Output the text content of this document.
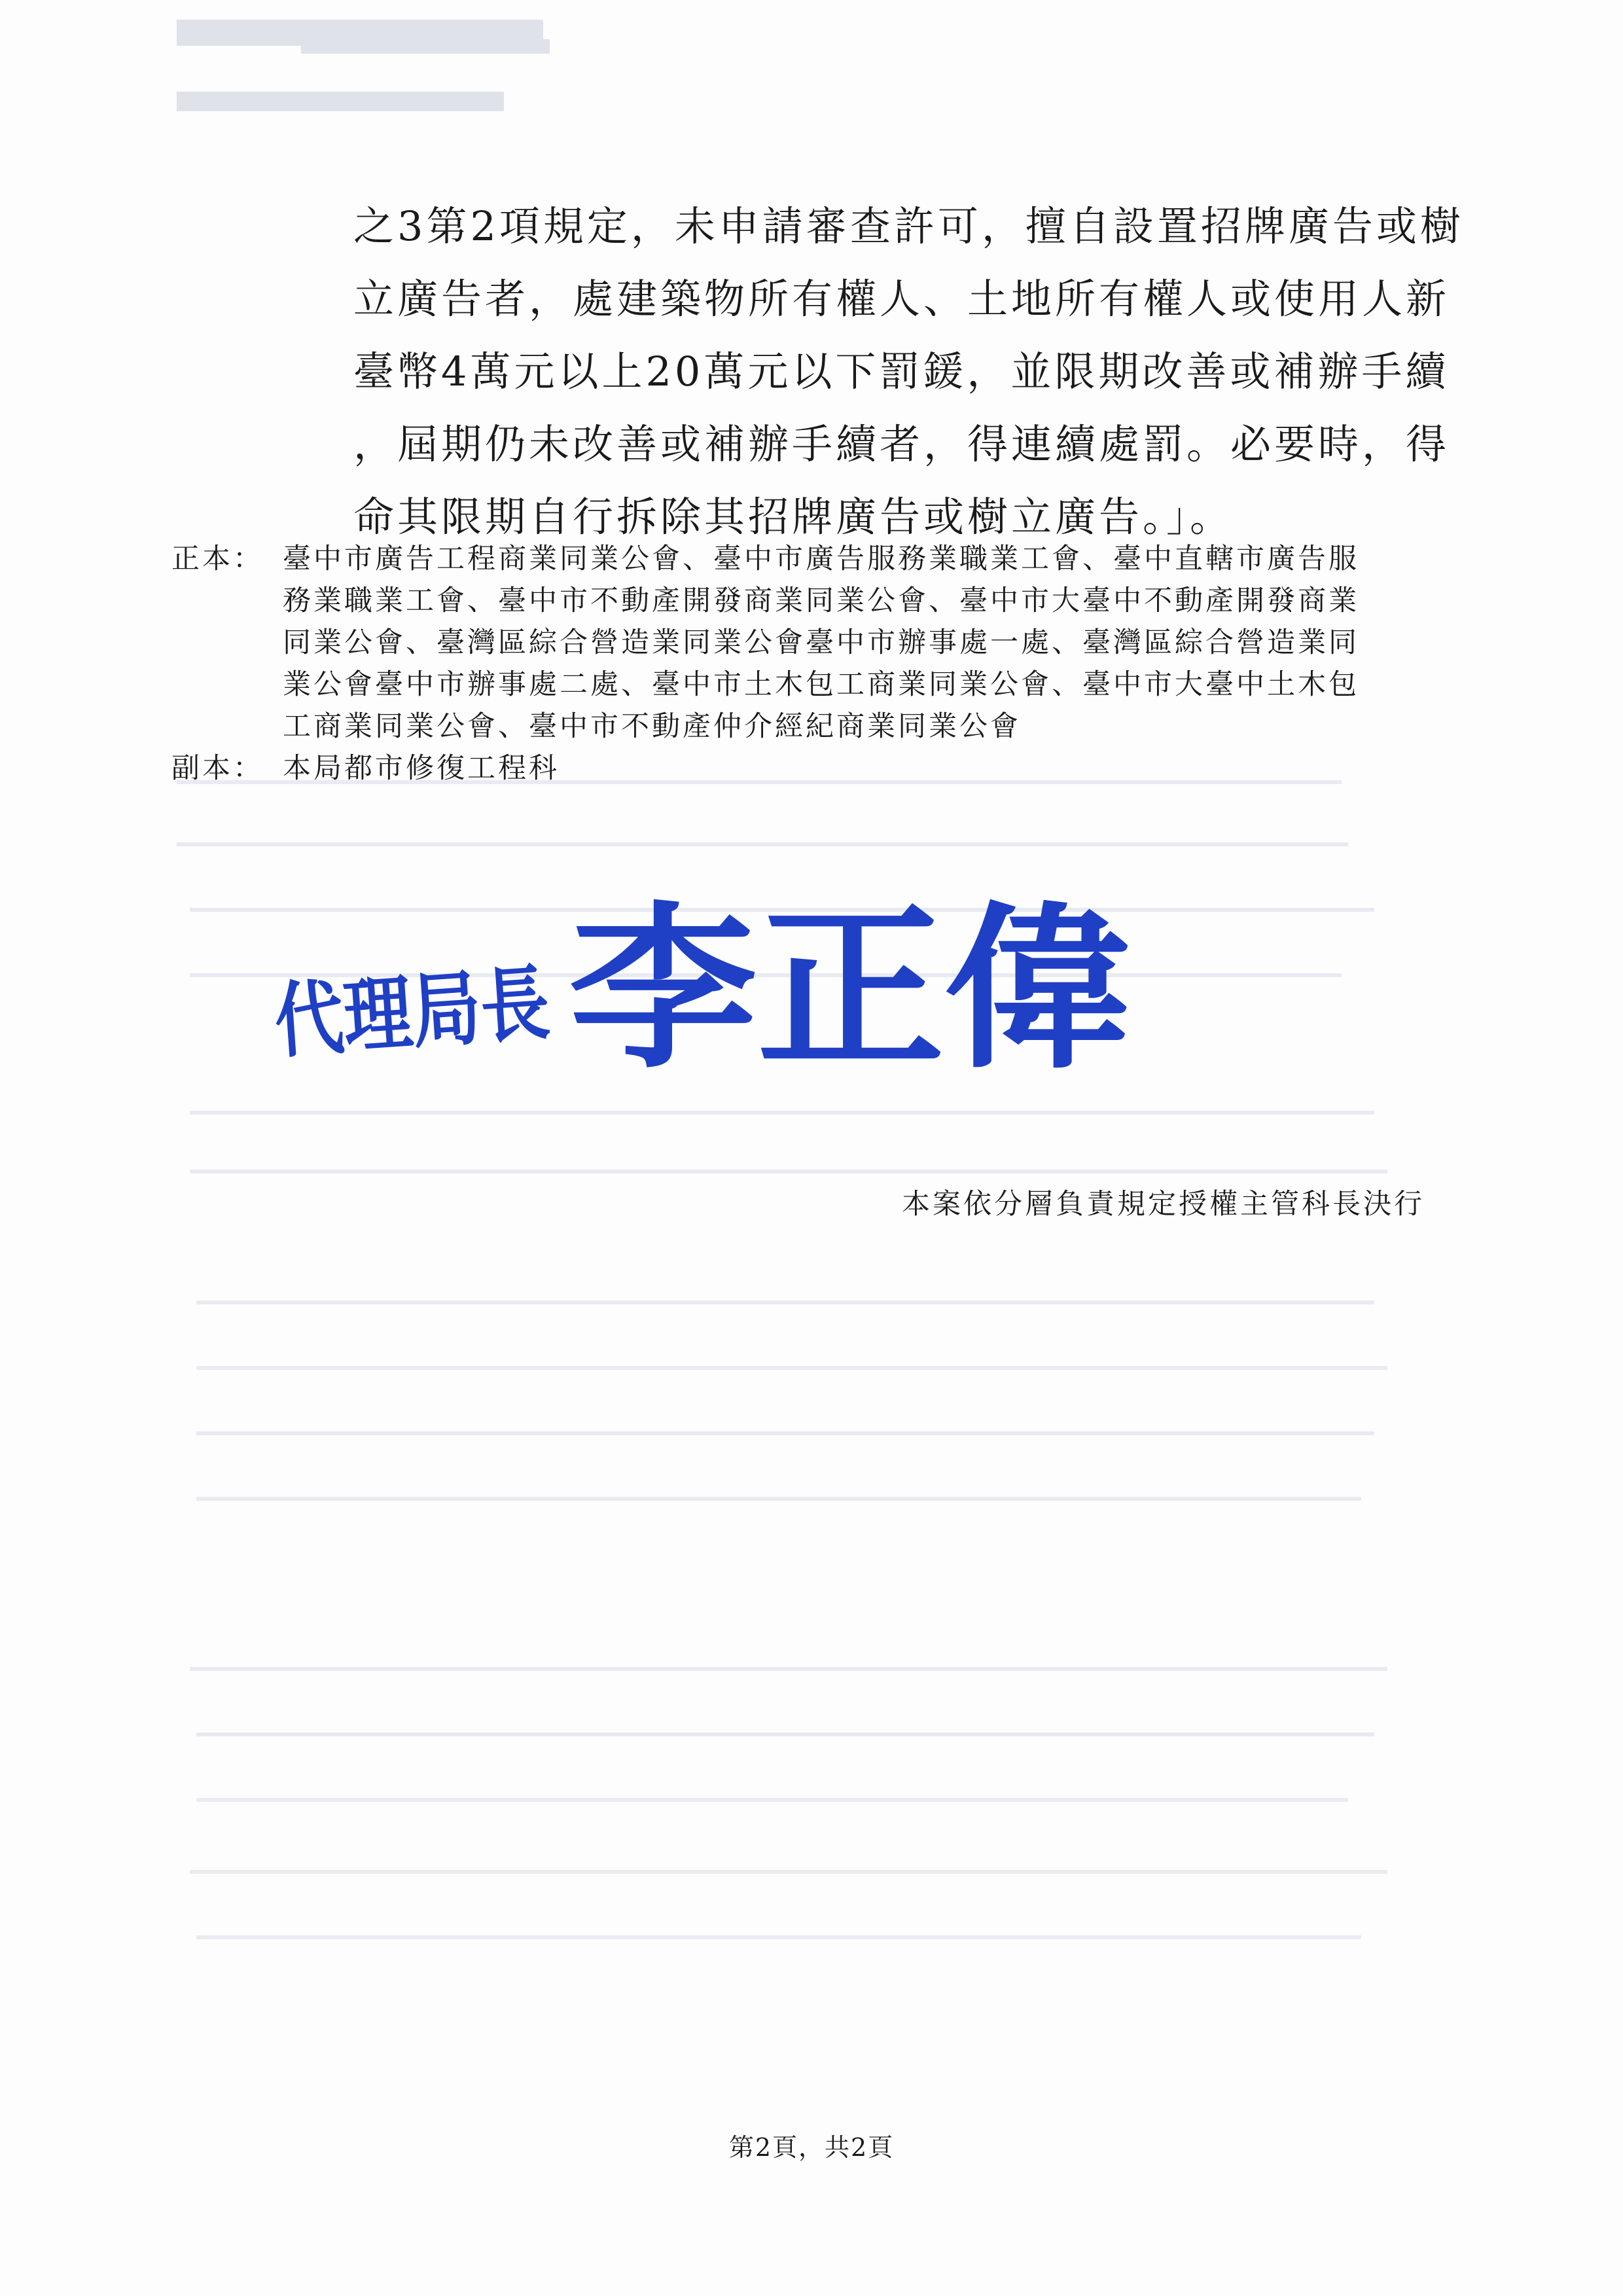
之3第2項規定，未申請審查許可，擅自設置招牌廣告或樹
立廣告者，處建築物所有權人、土地所有權人或使用人新
臺幣4萬元以上20萬元以下罰鍰，並限期改善或補辦手續
，屆期仍未改善或補辦手續者，得連續處罰。必要時，得
命其限期自行拆除其招牌廣告或樹立廣告。」。
正本： 臺中市廣告工程商業同業公會、臺中市廣告服務業職業工會、臺中直轄市廣告服
務業職業工會、臺中市不動產開發商業同業公會、臺中市大臺中不動產開發商業
同業公會、臺灣區綜合營造業同業公會臺中市辦事處一處、臺灣區綜合營造業同
業公會臺中市辦事處二處、臺中市土木包工商業同業公會、臺中市大臺中土木包
工商業同業公會、臺中市不動產仲介經紀商業同業公會
副本： 本局都市修復工程科
代理局長
李正偉
本案依分層負責規定授權主管科長決行
第2頁，共2頁
